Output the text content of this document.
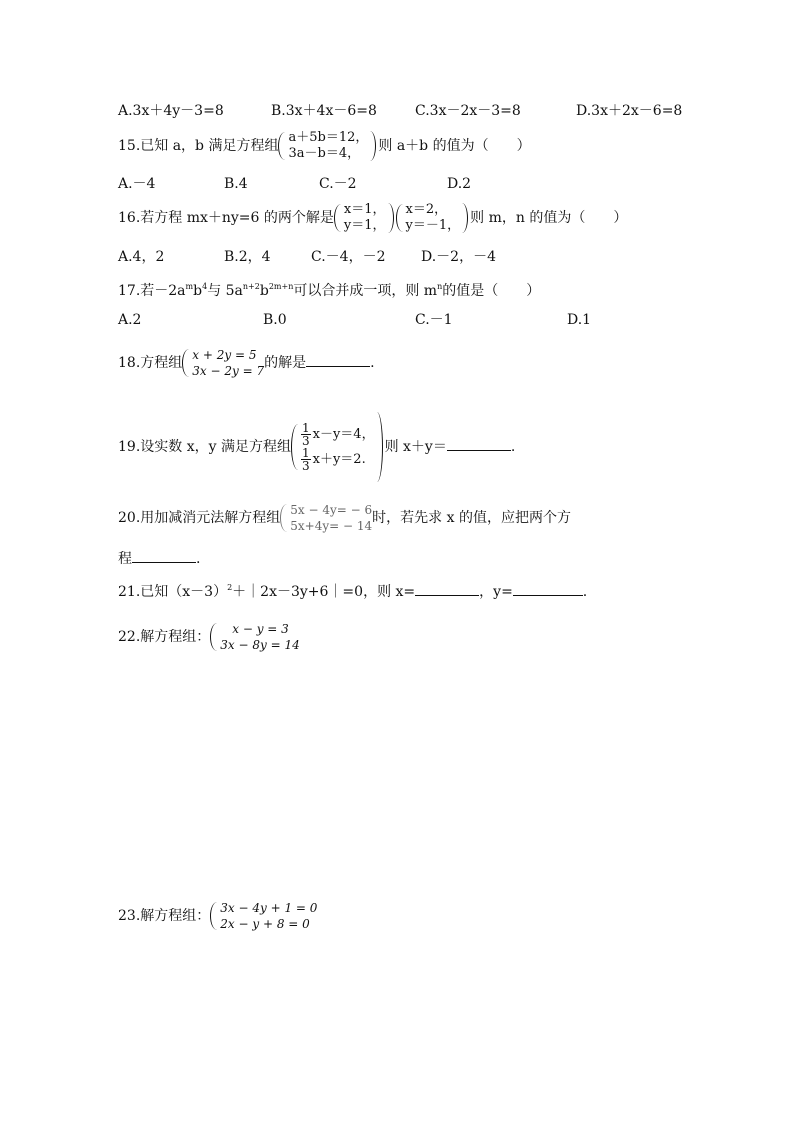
A.3x＋4y－3=8	B.3x＋4x－6=8	C.3x－2x－3=8	D.3x＋2x－6=8
15.已知 a，b 满足方程组
a＋5b＝12，
3a－b＝4，	则 a＋b 的值为（　　）
A.－4	B.4	C.－2	D.2
16.若方程 mx＋ny=6 的两个解是
x＝1，
y＝1，
x＝2，
y＝－1， 则 m，n 的值为（　　）
A.4，2	B.2，4	C.－4，－2	D.－2，－4
17.若$-2a^mb^4$与 $5a^{n+2}b^{2m+n}$可以合并成一项，则 $m^n$的值是（　　）
A.2	B.0	C.－1	D.1
18.方程组 x + 2y = 5
3x − 2y = 7 的解是	.
19.设实数 x，y 满足方程组 $\frac{1}{3} x-y=4$，
$\frac{1}{3} x+y=2$.
则 x＋y＝	.
20.用加减消元法解方程组 5x − 4y= − 6
5x+4y= − 14 时，若先求 x 的值，应把两个方
程	.
21.已知$(x-3)^2+|2x-3y+6|=0$，则 x=	，y=	.
22.解方程组：	x − y = 3
3x − 8y = 14
23.解方程组： 3x − 4y + 1 = 0
2x − y + 8 = 0
